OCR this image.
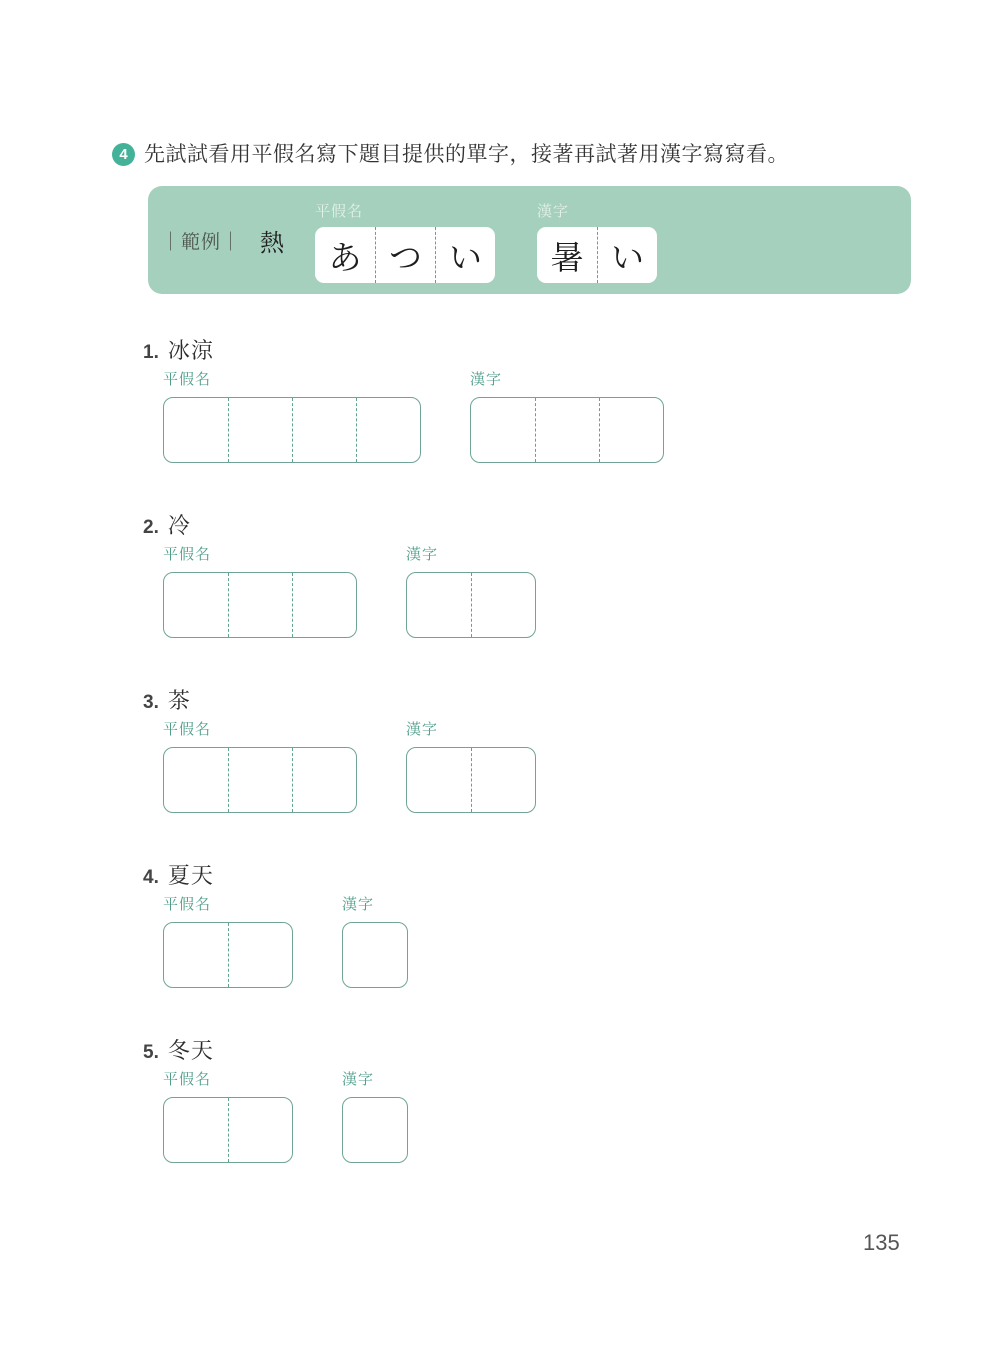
4 先試試看用平假名寫下題目提供的單字，接著再試著用漢字寫寫看。
｜範例｜ 熱
平假名
あ つ い
漢字
暑 い
1. 冰涼
平假名	漢字
2. 冷
平假名	漢字
3. 茶
平假名	漢字
4. 夏天
平假名	漢字
5. 冬天
平假名	漢字
135
